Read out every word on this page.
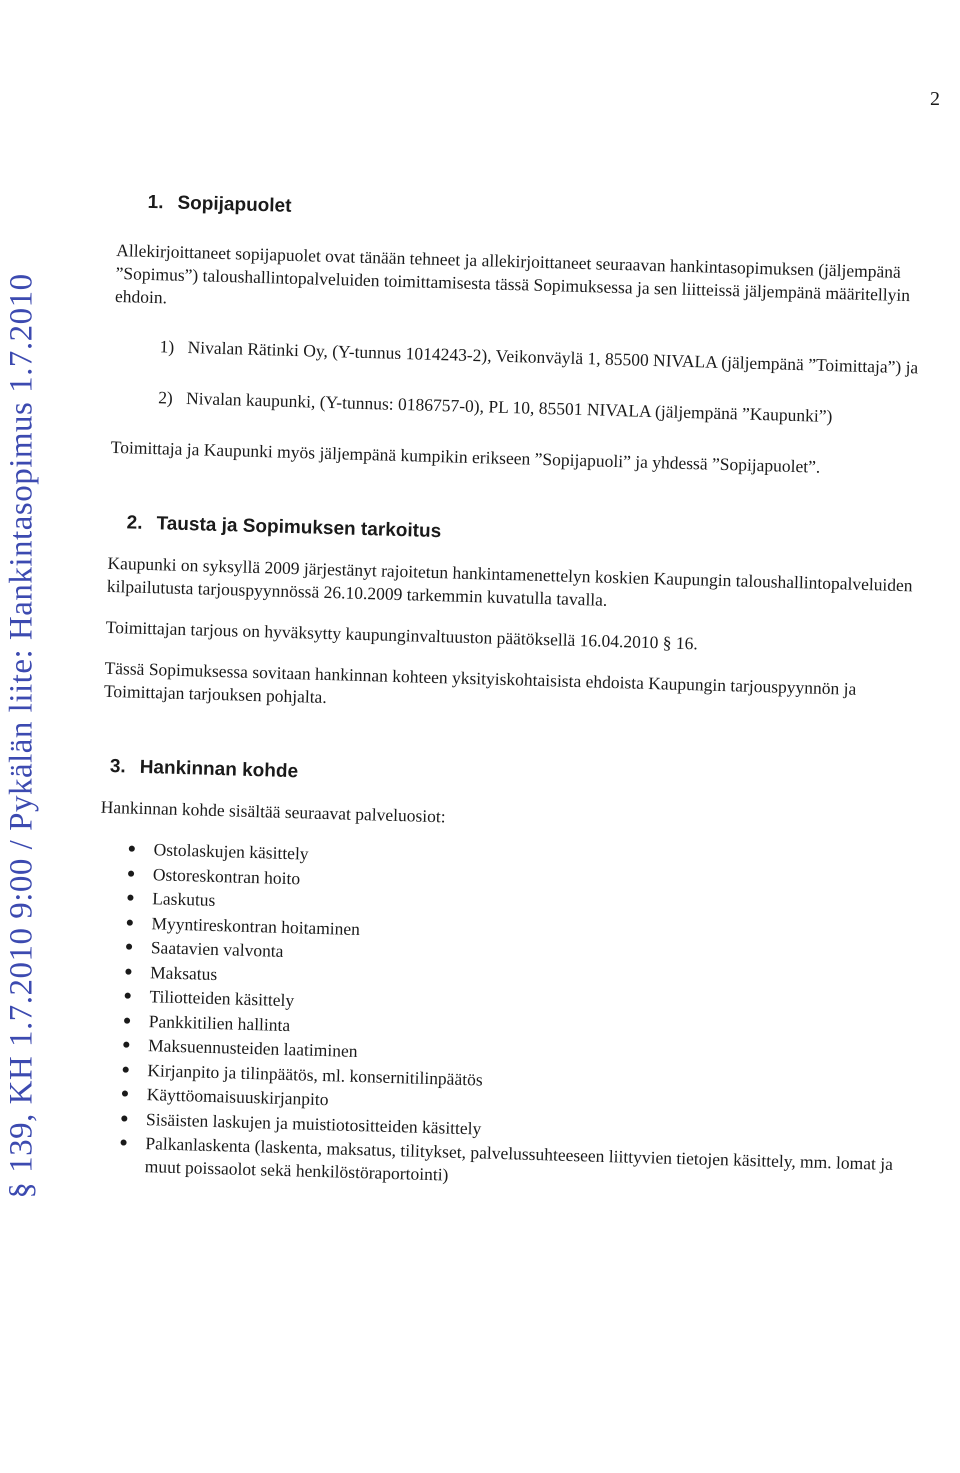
§ 139, KH 1.7.2010 9:00 / Pykälän liite: Hankintasopimus 1.7.2010
2
1. Sopijapuolet

Allekirjoittaneet sopijapuolet ovat tänään tehneet ja allekirjoittaneet seuraavan hankintasopimuksen (jäljempänä ”Sopimus”) taloushallintopalveluiden toimittamisesta tässä Sopimuksessa ja sen liitteissä jäljempänä määritellyin ehdoin.

1) Nivalan Rätinki Oy, (Y-tunnus 1014243-2), Veikonväylä 1, 85500 NIVALA (jäljempänä ”Toimittaja”) ja
2) Nivalan kaupunki, (Y-tunnus: 0186757-0), PL 10, 85501 NIVALA (jäljempänä ”Kaupunki”)

Toimittaja ja Kaupunki myös jäljempänä kumpikin erikseen ”Sopijapuoli” ja yhdessä ”Sopijapuolet”.

2. Tausta ja Sopimuksen tarkoitus

Kaupunki on syksyllä 2009 järjestänyt rajoitetun hankintamenettelyn koskien Kaupungin taloushallintopalveluiden kilpailutusta tarjouspyynnössä 26.10.2009 tarkemmin kuvatulla tavalla.

Toimittajan tarjous on hyväksytty kaupunginvaltuuston päätöksellä 16.04.2010 § 16.

Tässä Sopimuksessa sovitaan hankinnan kohteen yksityiskohtaisista ehdoista Kaupungin tarjouspyynnön ja Toimittajan tarjouksen pohjalta.

3. Hankinnan kohde

Hankinnan kohde sisältää seuraavat palveluosiot:

● Ostolaskujen käsittely
● Ostoreskontran hoito
● Laskutus
● Myyntireskontran hoitaminen
● Saatavien valvonta
● Maksatus
● Tiliotteiden käsittely
● Pankkitilien hallinta
● Maksuennusteiden laatiminen
● Kirjanpito ja tilinpäätös, ml. konsernitilinpäätös
● Käyttöomaisuuskirjanpito
● Sisäisten laskujen ja muistiotositteiden käsittely
● Palkanlaskenta (laskenta, maksatus, tilitykset, palvelussuhteeseen liittyvien tietojen käsittely, mm. lomat ja muut poissaolot sekä henkilöstöraportointi)
